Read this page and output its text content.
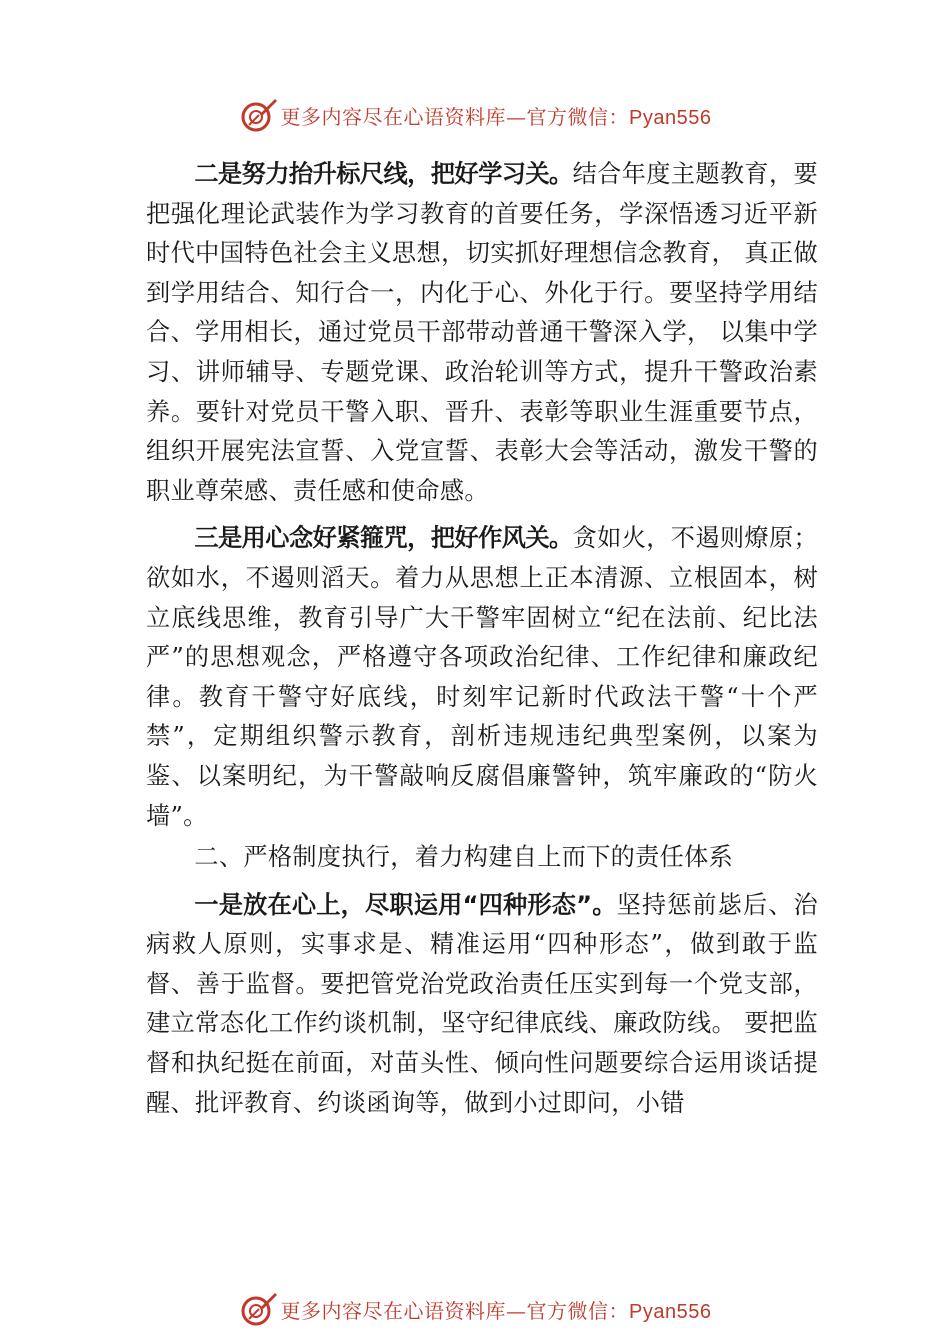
更多内容尽在心语资料库—官方微信：Pyan556

二是努力抬升标尺线，把好学习关。结合年度主题教育，要把强化理论武装作为学习教育的首要任务，学深悟透习近平新时代中国特色社会主义思想，切实抓好理想信念教育， 真正做到学用结合、知行合一，内化于心、外化于行。要坚持学用结合、学用相长，通过党员干部带动普通干警深入学， 以集中学习、讲师辅导、专题党课、政治轮训等方式，提升干警政治素养。要针对党员干警入职、晋升、表彰等职业生涯重要节点，组织开展宪法宣誓、入党宣誓、表彰大会等活动，激发干警的职业尊荣感、责任感和使命感。

三是用心念好紧箍咒，把好作风关。贪如火，不遏则燎原；欲如水，不遏则滔天。着力从思想上正本清源、立根固本，树立底线思维，教育引导广大干警牢固树立“纪在法前、纪比法严”的思想观念，严格遵守各项政治纪律、工作纪律和廉政纪律。教育干警守好底线，时刻牢记新时代政法干警“十个严禁”，定期组织警示教育，剖析违规违纪典型案例，以案为鉴、以案明纪，为干警敲响反腐倡廉警钟，筑牢廉政的“防火墙”。

二、严格制度执行，着力构建自上而下的责任体系

一是放在心上，尽职运用“四种形态”。坚持惩前毖后、治病救人原则，实事求是、精准运用“四种形态”，做到敢于监督、善于监督。要把管党治党政治责任压实到每一个党支部，建立常态化工作约谈机制，坚守纪律底线、廉政防线。 要把监督和执纪挺在前面，对苗头性、倾向性问题要综合运用谈话提醒、批评教育、约谈函询等，做到小过即问，小错

更多内容尽在心语资料库—官方微信：Pyan556
